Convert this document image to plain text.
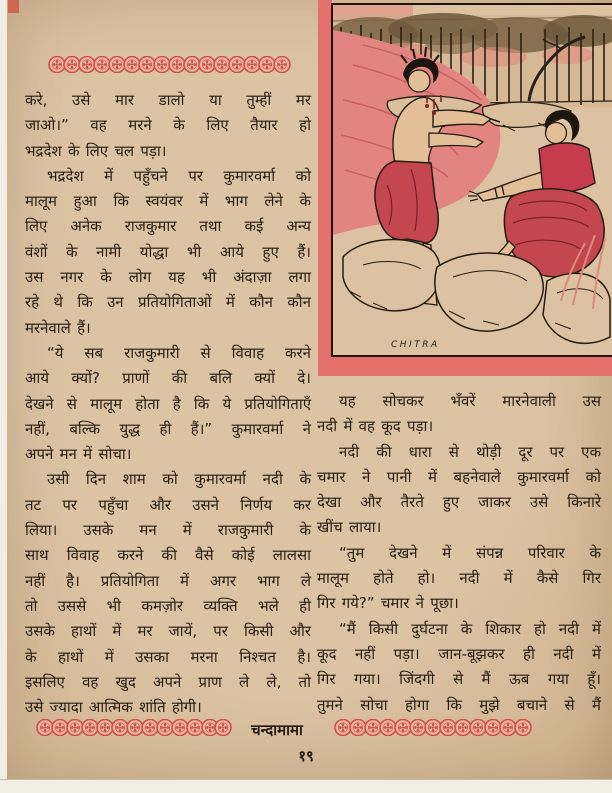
करे, उसे मार डालो या तुम्हीं मर
जाओ।” वह मरने के लिए तैयार हो
भद्रदेश के लिए चल पड़ा।
भद्रदेश में पहुँचने पर कुमारवर्मा को
मालूम हुआ कि स्वयंवर में भाग लेने के
लिए अनेक राजकुमार तथा कई अन्य
वंशों के नामी योद्धा भी आये हुए हैं।
उस नगर के लोग यह भी अंदाज़ा लगा
रहे थे कि उन प्रतियोगिताओं में कौन कौन
मरनेवाले हैं।
“ये सब राजकुमारी से विवाह करने
आये क्यों? प्राणों की बलि क्यों दे।
देखने से मालूम होता है कि ये प्रतियोगिताएँ
नहीं, बल्कि युद्ध ही हैं।” कुमारवर्मा ने
अपने मन में सोचा।
उसी दिन शाम को कुमारवर्मा नदी के
तट पर पहुँचा और उसने निर्णय कर
लिया। उसके मन में राजकुमारी के
साथ विवाह करने की वैसे कोई लालसा
नहीं है। प्रतियोगिता में अगर भाग ले
तो उससे भी कमज़ोर व्यक्ति भले ही
उसके हाथों में मर जायें, पर किसी और
के हाथों में उसका मरना निश्चत है।
इसलिए वह खुद अपने प्राण ले ले, तो
उसे ज्यादा आत्मिक शांति होगी।
यह सोचकर भँवरें मारनेवाली उस
नदी में वह कूद पड़ा।
नदी की धारा से थोड़ी दूर पर एक
चमार ने पानी में बहनेवाले कुमारवर्मा को
देखा और तैरते हुए जाकर उसे किनारे
खींच लाया।
“तुम देखने में संपन्न परिवार के
मालूम होते हो। नदी में कैसे गिर
गिर गये?” चमार ने पूछा।
“मैं किसी दुर्घटना के शिकार हो नदी में
कूद नहीं पड़ा। जान-बूझकर ही नदी में
गिर गया। जिंदगी से मैं ऊब गया हूँ।
तुमने सोचा होगा कि मुझे बचाने से मैं
CHITRA
चन्दामामा
१९
